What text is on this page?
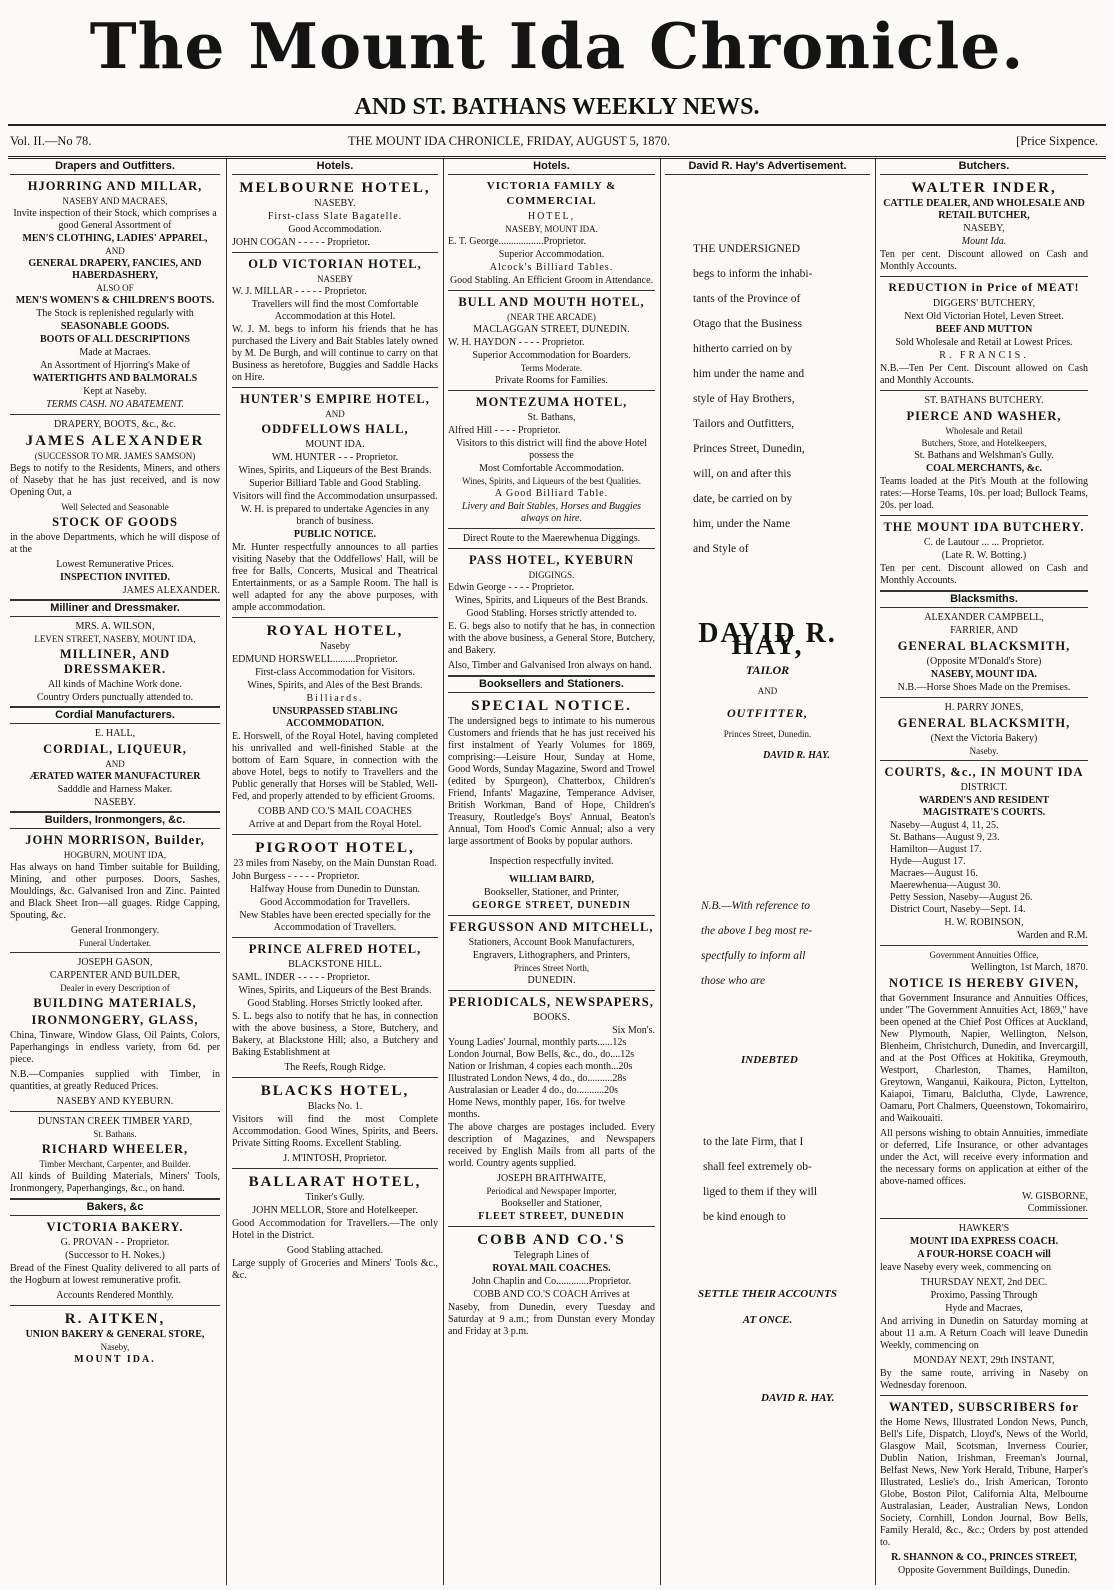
The Mount Ida Chronicle.
AND ST. BATHANS WEEKLY NEWS.
Vol. II.—No 78.	THE MOUNT IDA CHRONICLE, FRIDAY, AUGUST 5, 1870.	[Price Sixpence.
Drapers and Outfitters.
HJORRING AND MILLAR,
NASEBY AND MACRAES,
Invite inspection of their Stock, which comprises a good General Assortment of
MEN'S CLOTHING, LADIES' APPAREL,
AND
GENERAL DRAPERY, FANCIES, AND HABERDASHERY,
ALSO OF
MEN'S WOMEN'S & CHILDREN'S BOOTS.
The Stock is replenished regularly with
SEASONABLE GOODS.
BOOTS OF ALL DESCRIPTIONS
Made at Macraes.
An Assortment of Hjorring's Make of
WATERTIGHTS AND BALMORALS
Kept at Naseby.
TERMS CASH. NO ABATEMENT.
DRAPERY, BOOTS, &c., &c.
JAMES ALEXANDER
(SUCCESSOR TO MR. JAMES SAMSON)
Begs to notify to the Residents, Miners, and others of Naseby that he has just received, and is now Opening Out, a
Well Selected and Seasonable
STOCK OF GOODS
in the above Departments, which he will dispose of at the
Lowest Remunerative Prices.
INSPECTION INVITED.
JAMES ALEXANDER.
Milliner and Dressmaker.
MRS. A. WILSON,
LEVEN STREET, NASEBY, MOUNT IDA,
MILLINER, AND DRESSMAKER.
All kinds of Machine Work done.
Country Orders punctually attended to.
Cordial Manufacturers.
E. HALL,
CORDIAL, LIQUEUR,
AND
ÆRATED WATER MANUFACTURER
Sadddle and Harness Maker.
NASEBY.
Builders, Ironmongers, &c.
JOHN MORRISON, Builder,
HOGBURN, MOUNT IDA,
Has always on hand Timber suitable for Building, Mining, and other purposes. Doors, Sashes, Mouldings, &c. Galvanised Iron and Zinc. Painted and Black Sheet Iron—all guages. Ridge Capping, Spouting, &c.
General Ironmongery.
Funeral Undertaker.
JOSEPH GASON,
CARPENTER AND BUILDER,
Dealer in every Description of
BUILDING MATERIALS,
IRONMONGERY, GLASS,
China, Tinware, Window Glass, Oil Paints, Colors, Paperhangings in endless variety, from 6d. per piece.
N.B.—Companies supplied with Timber, in quantities, at greatly Reduced Prices.
NASEBY AND KYEBURN.
DUNSTAN CREEK TIMBER YARD,
St. Bathans.
RICHARD WHEELER,
Timber Merchant, Carpenter, and Builder.
All kinds of Building Materials, Miners' Tools, Ironmongery, Paperhangings, &c., on hand.
Bakers, &c
VICTORIA BAKERY.
G. PROVAN - - Proprietor.
(Successor to H. Nokes.)
Bread of the Finest Quality delivered to all parts of the Hogburn at lowest remunerative profit.
Accounts Rendered Monthly.
R. AITKEN,
UNION BAKERY & GENERAL STORE,
Naseby,
MOUNT IDA.
Hotels.
MELBOURNE HOTEL,
NASEBY.
First-class Slate Bagatelle.
Good Accommodation.
JOHN COGAN - - - - - Proprietor.
OLD VICTORIAN HOTEL,
NASEBY
W. J. MILLAR - - - - - Proprietor.
Travellers will find the most Comfortable Accommodation at this Hotel.
W. J. M. begs to inform his friends that he has purchased the Livery and Bait Stables lately owned by M. De Burgh, and will continue to carry on that Business as heretofore, Buggies and Saddle Hacks on Hire.
HUNTER'S EMPIRE HOTEL,
AND
ODDFELLOWS HALL,
MOUNT IDA.
WM. HUNTER - - - Proprietor.
Wines, Spirits, and Liqueurs of the Best Brands.
Superior Billiard Table and Good Stabling.
Visitors will find the Accommodation unsurpassed.
W. H. is prepared to undertake Agencies in any branch of business.
PUBLIC NOTICE.
Mr. Hunter respectfully announces to all parties visiting Naseby that the Oddfellows' Hall, will be free for Balls, Concerts, Musical and Theatrical Entertainments, or as a Sample Room. The hall is well adapted for any the above purposes, with ample accommodation.
ROYAL HOTEL,
Naseby
EDMUND HORSWELL.........Proprietor.
First-class Accommodation for Visitors.
Wines, Spirits, and Ales of the Best Brands.
Billiards.
UNSURPASSED STABLING ACCOMMODATION.
E. Horswell, of the Royal Hotel, having completed his unrivalled and well-finished Stable at the bottom of Earn Square, in connection with the above Hotel, begs to notify to Travellers and the Public generally that Horses will be Stabled, Well-Fed, and properly attended to by efficient Grooms.
COBB AND CO.'S MAIL COACHES
Arrive at and Depart from the Royal Hotel.
PIGROOT HOTEL,
23 miles from Naseby, on the Main Dunstan Road.
John Burgess - - - - - Proprietor.
Halfway House from Dunedin to Dunstan.
Good Accommodation for Travellers.
New Stables have been erected specially for the Accommodation of Travellers.
PRINCE ALFRED HOTEL,
BLACKSTONE HILL.
SAML. INDER - - - - - Proprietor.
Wines, Spirits, and Liqueurs of the Best Brands.
Good Stabling. Horses Strictly looked after.
S. L. begs also to notify that he has, in connection with the above business, a Store, Butchery, and Bakery, at Blackstone Hill; also, a Butchery and Baking Establishment at
The Reefs, Rough Ridge.
BLACKS HOTEL,
Blacks No. 1.
Visitors will find the most Complete Accommodation. Good Wines, Spirits, and Beers. Private Sitting Rooms. Excellent Stabling.
J. M'INTOSH, Proprietor.
BALLARAT HOTEL,
Tinker's Gully.
JOHN MELLOR, Store and Hotelkeeper.
Good Accommodation for Travellers.—The only Hotel in the District.
Good Stabling attached.
Large supply of Groceries and Miners' Tools &c., &c.
Hotels.
VICTORIA FAMILY & COMMERCIAL
HOTEL,
NASEBY, MOUNT IDA.
E. T. George..................Proprietor.
Superior Accommodation.
Alcock's Billiard Tables.
Good Stabling. An Efficient Groom in Attendance.
BULL AND MOUTH HOTEL,
(NEAR THE ARCADE)
MACLAGGAN STREET, DUNEDIN.
W. H. HAYDON - - - - Proprietor.
Superior Accommodation for Boarders.
Terms Moderate.
Private Rooms for Families.
MONTEZUMA HOTEL,
St. Bathans,
Alfred Hill - - - - Proprietor.
Visitors to this district will find the above Hotel possess the
Most Comfortable Accommodation.
Wines, Spirits, and Liqueurs of the best Qualities.
A Good Billiard Table.
Livery and Bait Stables, Horses and Buggies always on hire.
Direct Route to the Maerewhenua Diggings.
PASS HOTEL, KYEBURN
DIGGINGS.
Edwin George - - - - Proprietor.
Wines, Spirits, and Liqueurs of the Best Brands.
Good Stabling. Horses strictly attended to.
E. G. begs also to notify that he has, in connection with the above business, a General Store, Butchery, and Bakery.
Also, Timber and Galvanised Iron always on hand.
Booksellers and Stationers.
SPECIAL NOTICE.
The undersigned begs to intimate to his numerous Customers and friends that he has just received his first instalment of Yearly Volumes for 1869, comprising:—Leisure Hour, Sunday at Home, Good Words, Sunday Magazine, Sword and Trowel (edited by Spurgeon), Chatterbox, Children's Friend, Infants' Magazine, Temperance Adviser, British Workman, Band of Hope, Children's Treasury, Routledge's Boys' Annual, Beaton's Annual, Tom Hood's Comic Annual; also a very large assortment of Books by popular authors.
Inspection respectfully invited.
WILLIAM BAIRD,
Bookseller, Stationer, and Printer,
GEORGE STREET, DUNEDIN
FERGUSSON AND MITCHELL,
Stationers, Account Book Manufacturers,
Engravers, Lithographers, and Printers,
Princes Street North,
DUNEDIN.
PERIODICALS, NEWSPAPERS,
BOOKS.
Six Mon's.
Young Ladies' Journal, monthly parts......12s
London Journal, Bow Bells, &c., do., do....12s
Nation or Irishman, 4 copies each month...20s
Illustrated London News, 4 do., do..........28s
Australasian or Leader 4 do., do...........20s
Home News, monthly paper, 16s. for twelve months.
The above charges are postages included. Every description of Magazines, and Newspapers received by English Mails from all parts of the world. Country agents supplied.
JOSEPH BRAITHWAITE,
Periodical and Newspaper Importer,
Bookseller and Stationer,
FLEET STREET, DUNEDIN
COBB AND CO.'S
Telegraph Lines of
ROYAL MAIL COACHES.
John Chaplin and Co.............Proprietor.
COBB AND CO.'S COACH Arrives at
Naseby, from Dunedin, every Tuesday and Saturday at 9 a.m.; from Dunstan every Monday and Friday at 3 p.m.
David R. Hay's Advertisement.
THE UNDERSIGNED
begs to inform the inhabi-
tants of the Province of
Otago that the Business
hitherto carried on by
him under the name and
style of Hay Brothers,
Tailors and Outfitters,
Princes Street, Dunedin,
will, on and after this
date, be carried on by
him, under the Name
and Style of
DAVID R. HAY,
TAILOR
AND
OUTFITTER,
Princes Street, Dunedin.
DAVID R. HAY.
N.B.—With reference to
the above I beg most re-
spectfully to inform all
those who are
INDEBTED
to the late Firm, that I
shall feel extremely ob-
liged to them if they will
be kind enough to
SETTLE THEIR ACCOUNTS
AT ONCE.
DAVID R. HAY.
Butchers.
WALTER INDER,
CATTLE DEALER, AND WHOLESALE AND RETAIL BUTCHER,
NASEBY,
Mount Ida.
Ten per cent. Discount allowed on Cash and Monthly Accounts.
REDUCTION in Price of MEAT!
DIGGERS' BUTCHERY,
Next Old Victorian Hotel, Leven Street.
BEEF AND MUTTON
Sold Wholesale and Retail at Lowest Prices.
R. FRANCIS.
N.B.—Ten Per Cent. Discount allowed on Cash and Monthly Accounts.
ST. BATHANS BUTCHERY.
PIERCE AND WASHER,
Wholesale and Retail
Butchers, Store, and Hotelkeepers,
St. Bathans and Welshman's Gully.
COAL MERCHANTS, &c.
Teams loaded at the Pit's Mouth at the following rates:—Horse Teams, 10s. per load; Bullock Teams, 20s. per load.
THE MOUNT IDA BUTCHERY.
C. de Lautour ... ... Proprietor.
(Late R. W. Botting.)
Ten per cent. Discount allowed on Cash and Monthly Accounts.
Blacksmiths.
ALEXANDER CAMPBELL,
FARRIER, AND
GENERAL BLACKSMITH,
(Opposite M'Donald's Store)
NASEBY, MOUNT IDA.
N.B.—Horse Shoes Made on the Premises.
H. PARRY JONES,
GENERAL BLACKSMITH,
(Next the Victoria Bakery)
Naseby.
COURTS, &c., IN MOUNT IDA
DISTRICT.
WARDEN'S AND RESIDENT MAGISTRATE'S COURTS.
Naseby—August 4, 11, 25.
St. Bathans—August 9, 23.
Hamilton—August 17.
Hyde—August 17.
Macraes—August 16.
Maerewhenua—August 30.
Petty Session, Naseby—August 26.
District Court, Naseby—Sept. 14.
H. W. ROBINSON,
Warden and R.M.
Government Annuities Office,
Wellington, 1st March, 1870.
NOTICE IS HEREBY GIVEN,
that Government Insurance and Annuities Offices, under "The Government Annuities Act, 1869," have been opened at the Chief Post Offices at Auckland, New Plymouth, Napier, Wellington, Nelson, Blenheim, Christchurch, Dunedin, and Invercargill, and at the Post Offices at Hokitika, Greymouth, Westport, Charleston, Thames, Hamilton, Greytown, Wanganui, Kaikoura, Picton, Lyttelton, Kaiapoi, Timaru, Balclutha, Clyde, Lawrence, Oamaru, Port Chalmers, Queenstown, Tokomairiro, and Waikouaiti.
All persons wishing to obtain Annuities, immediate or deferred, Life Insurance, or other advantages under the Act, will receive every information and the necessary forms on application at either of the above-named offices.
W. GISBORNE,
Commissioner.
HAWKER'S
MOUNT IDA EXPRESS COACH.
A FOUR-HORSE COACH will
leave Naseby every week, commencing on
THURSDAY NEXT, 2nd DEC.
Proximo, Passing Through
Hyde and Macraes,
And arriving in Dunedin on Saturday morning at about 11 a.m. A Return Coach will leave Dunedin Weekly, commencing on
MONDAY NEXT, 29th INSTANT,
By the same route, arriving in Naseby on Wednesday forenoon.
WANTED, SUBSCRIBERS for
the Home News, Illustrated London News, Punch, Bell's Life, Dispatch, Lloyd's, News of the World, Glasgow Mail, Scotsman, Inverness Courier, Dublin Nation, Irishman, Freeman's Journal, Belfast News, New York Herald, Tribune, Harper's Illustrated, Leslie's do., Irish American, Toronto Globe, Boston Pilot, California Alta, Melbourne Australasian, Leader, Australian News, London Society, Cornhill, London Journal, Bow Bells, Family Herald, &c., &c.; Orders by post attended to.
R. SHANNON & CO., PRINCES STREET,
Opposite Government Buildings, Dunedin.
